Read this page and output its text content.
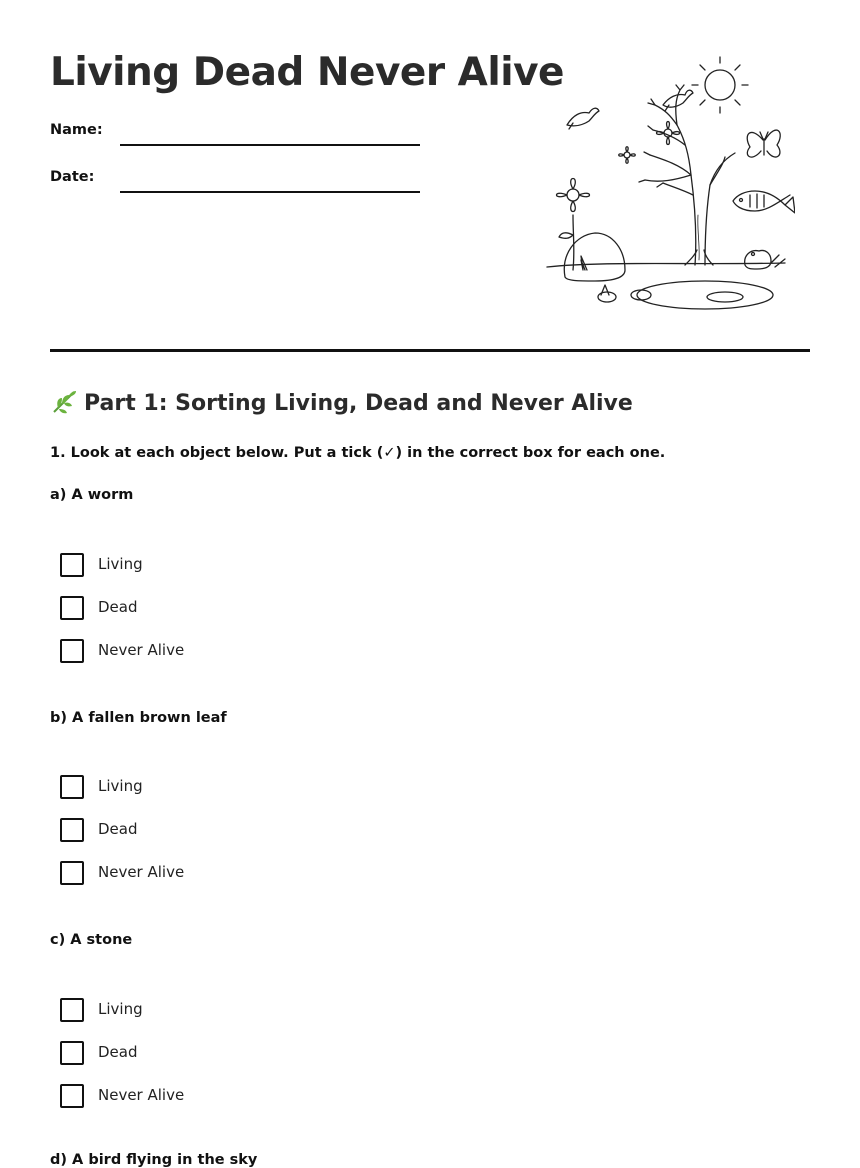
Living Dead Never Alive
Name:
Date:
Part 1: Sorting Living, Dead and Never Alive

1. Look at each object below. Put a tick (✓) in the correct box for each one.

a) A worm

Living
Dead
Never Alive

b) A fallen brown leaf

Living
Dead
Never Alive

c) A stone

Living
Dead
Never Alive
d) A bird flying in the sky
